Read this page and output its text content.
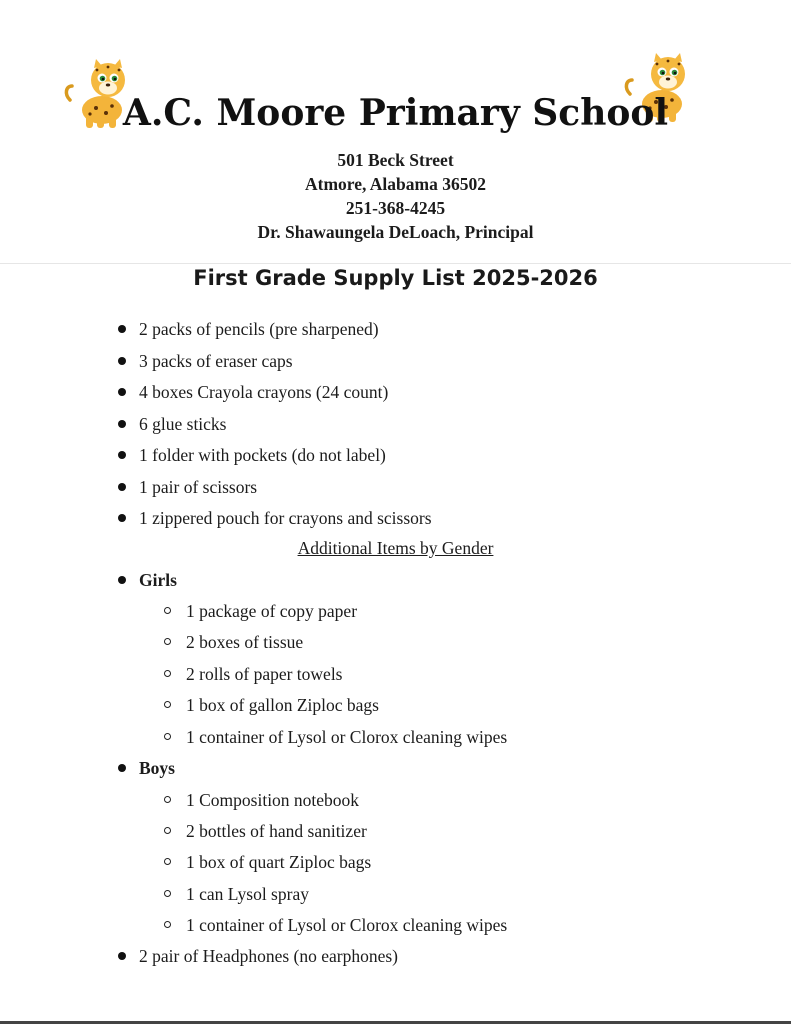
A.C. Moore Primary School
501 Beck Street
Atmore, Alabama 36502
251-368-4245
Dr. Shawaungela DeLoach, Principal
First Grade Supply List 2025-2026
2 packs of pencils (pre sharpened)
3 packs of eraser caps
4 boxes Crayola crayons (24 count)
6 glue sticks
1 folder with pockets (do not label)
1 pair of scissors
1 zippered pouch for crayons and scissors
Additional Items by Gender
Girls
1 package of copy paper
2 boxes of tissue
2 rolls of paper towels
1 box of gallon Ziploc bags
1 container of Lysol or Clorox cleaning wipes
Boys
1 Composition notebook
2 bottles of hand sanitizer
1 box of quart Ziploc bags
1 can Lysol spray
1 container of Lysol or Clorox cleaning wipes
2 pair of Headphones (no earphones)
